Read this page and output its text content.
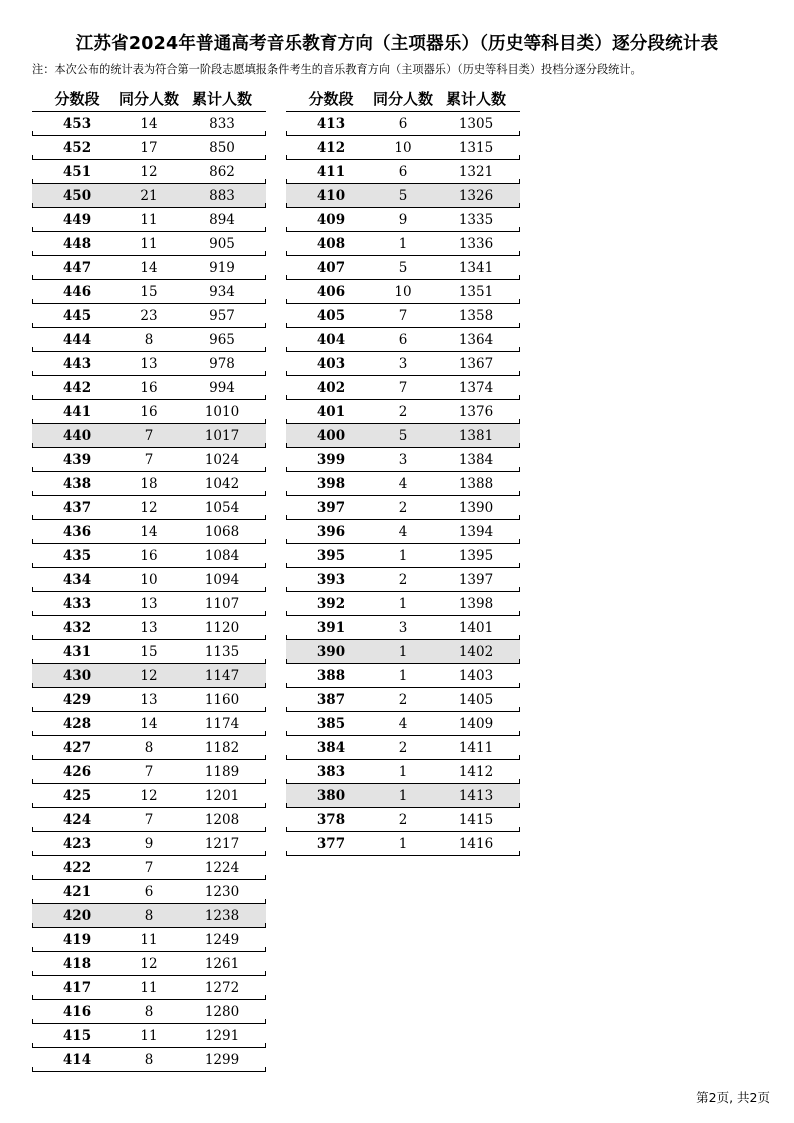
江苏省2024年普通高考音乐教育方向（主项器乐）（历史等科目类）逐分段统计表
注：本次公布的统计表为符合第一阶段志愿填报条件考生的音乐教育方向（主项器乐）（历史等科目类）投档分逐分段统计。
分数段 同分人数 累计人数
453	14	833
452	17	850
451	12	862
450	21	883
449	11	894
448	11	905
447	14	919
446	15	934
445	23	957
444	8	965
443	13	978
442	16	994
441	16	1010
440	7	1017
439	7	1024
438	18	1042
437	12	1054
436	14	1068
435	16	1084
434	10	1094
433	13	1107
432	13	1120
431	15	1135
430	12	1147
429	13	1160
428	14	1174
427	8	1182
426	7	1189
425	12	1201
424	7	1208
423	9	1217
422	7	1224
421	6	1230
420	8	1238
419	11	1249
418	12	1261
417	11	1272
416	8	1280
415	11	1291
414	8	1299
分数段 同分人数 累计人数
413	6	1305
412	10	1315
411	6	1321
410	5	1326
409	9	1335
408	1	1336
407	5	1341
406	10	1351
405	7	1358
404	6	1364
403	3	1367
402	7	1374
401	2	1376
400	5	1381
399	3	1384
398	4	1388
397	2	1390
396	4	1394
395	1	1395
393	2	1397
392	1	1398
391	3	1401
390	1	1402
388	1	1403
387	2	1405
385	4	1409
384	2	1411
383	1	1412
380	1	1413
378	2	1415
377	1	1416
第2页, 共2页
